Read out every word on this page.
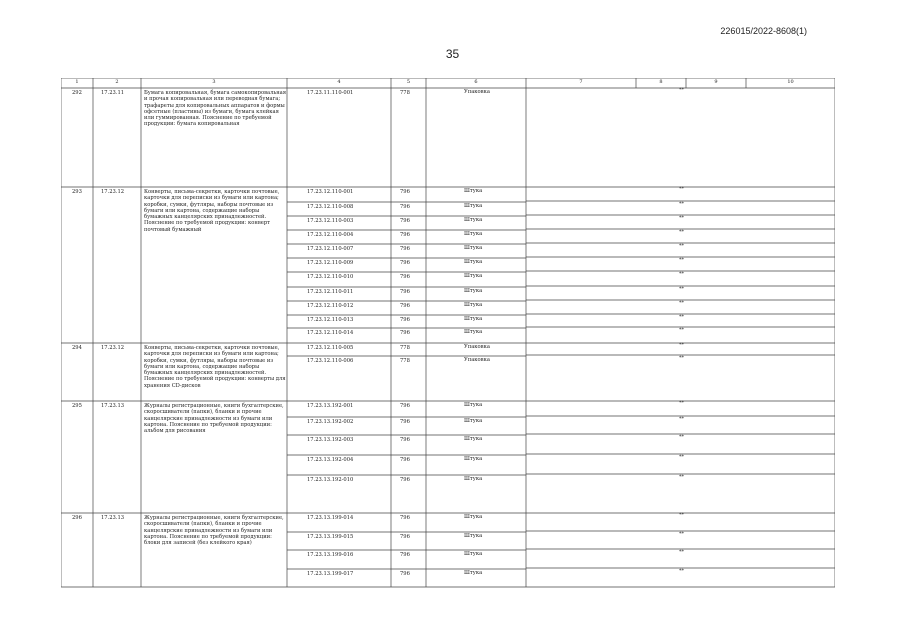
226015/2022-8608(1)
35
1	2	3	4	5	6	7	8	9	10
292	17.23.11	Бумага копировальная, бумага самокопировальная и прочая копировальная или переводная бумага; трафареты для копировальных аппаратов и формы офсетные (пластины) из бумаги, бумага клейкая или гуммированная. Пояснение по требуемой продукции: бумага копировальная
17.23.11.110-001	778	Упаковка	**
293	17.23.12	Конверты, письма-секретки, карточки почтовые, карточки для переписки из бумаги или картона; коробки, сумки, футляры, наборы почтовые из бумаги или картона, содержащие наборы бумажных канцелярских принадлежностей. Пояснение по требуемой продукции: конверт почтовый бумажный
17.23.12.110-001	796	Штука	**
17.23.12.110-008	796	Штука	**
17.23.12.110-003	796	Штука	**
17.23.12.110-004	796	Штука	**
17.23.12.110-007	796	Штука	**
17.23.12.110-009	796	Штука	**
17.23.12.110-010	796	Штука	**
17.23.12.110-011	796	Штука	**
17.23.12.110-012	796	Штука	**
17.23.12.110-013	796	Штука	**
17.23.12.110-014	796	Штука	**
294	17.23.12	Конверты, письма-секретки, карточки почтовые, карточки для переписки из бумаги или картона; коробки, сумки, футляры, наборы почтовые из бумаги или картона, содержащие наборы бумажных канцелярских принадлежностей. Пояснение по требуемой продукции: конверты для хранения CD-дисков
17.23.12.110-005	778	Упаковка	**
17.23.12.110-006	778	Упаковка	**
295	17.23.13	Журналы регистрационные, книги бухгалтерские, скоросшиватели (папки), бланки и прочие канцелярские принадлежности из бумаги или картона. Пояснение по требуемой продукции: альбом для рисования
17.23.13.192-001	796	Штука	**
17.23.13.192-002	796	Штука	**
17.23.13.192-003	796	Штука	**
17.23.13.192-004	796	Штука	**
17.23.13.192-010	796	Штука	**
296	17.23.13	Журналы регистрационные, книги бухгалтерские, скоросшиватели (папки), бланки и прочие канцелярские принадлежности из бумаги или картона. Пояснение по требуемой продукции: блоки для записей (без клейкого края)
17.23.13.199-014	796	Штука	**
17.23.13.199-015	796	Штука	**
17.23.13.199-016	796	Штука	**
17.23.13.199-017	796	Штука	**
